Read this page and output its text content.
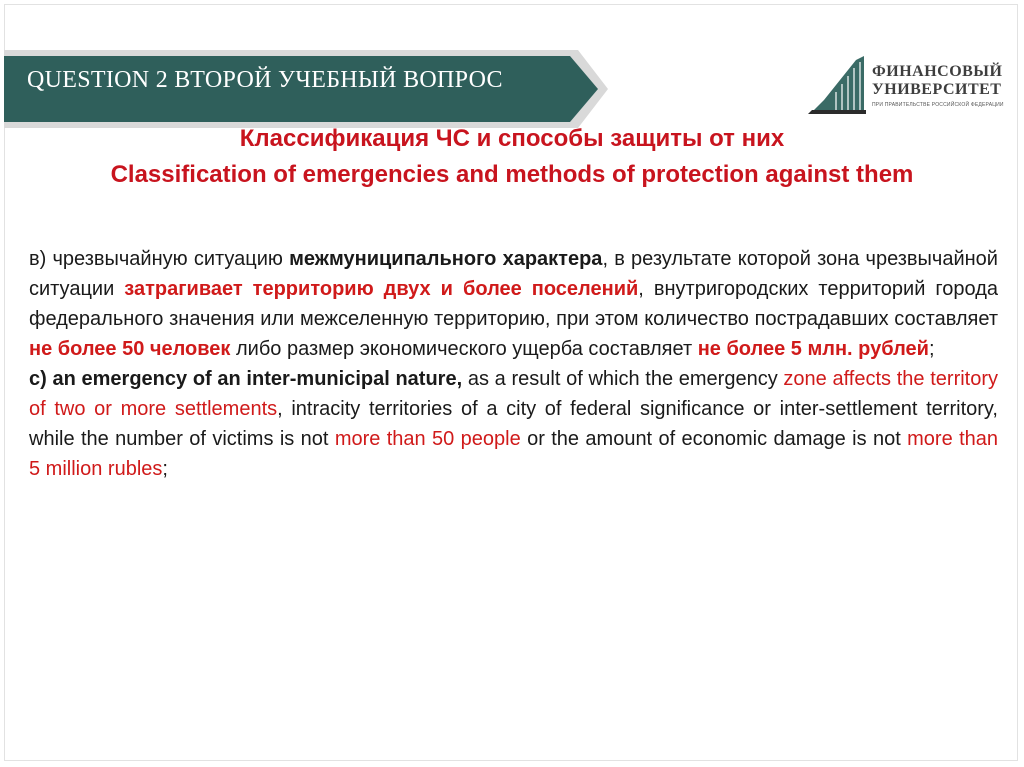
QUESTION 2 ВТОРОЙ УЧЕБНЫЙ ВОПРОС	ФИНАНСОВЫЙ
УНИВЕРСИТЕТ
ПРИ ПРАВИТЕЛЬСТВЕ РОССИЙСКОЙ ФЕДЕРАЦИИ

Классификация ЧС и способы защиты от них

Classification of emergencies and methods of protection against them

в) чрезвычайную ситуацию межмуниципального характера, в результате которой зона чрезвычайной ситуации затрагивает территорию двух и более поселений, внутригородских территорий города федерального значения или межселенную территорию, при этом количество пострадавших составляет не более 50 человек либо размер экономического ущерба составляет не более 5 млн. рублей;

c) an emergency of an inter-municipal nature, as a result of which the emergency zone affects the territory of two or more settlements, intracity territories of a city of federal significance or inter-settlement territory, while the number of victims is not more than 50 people or the amount of economic damage is not more than 5 million rubles;
